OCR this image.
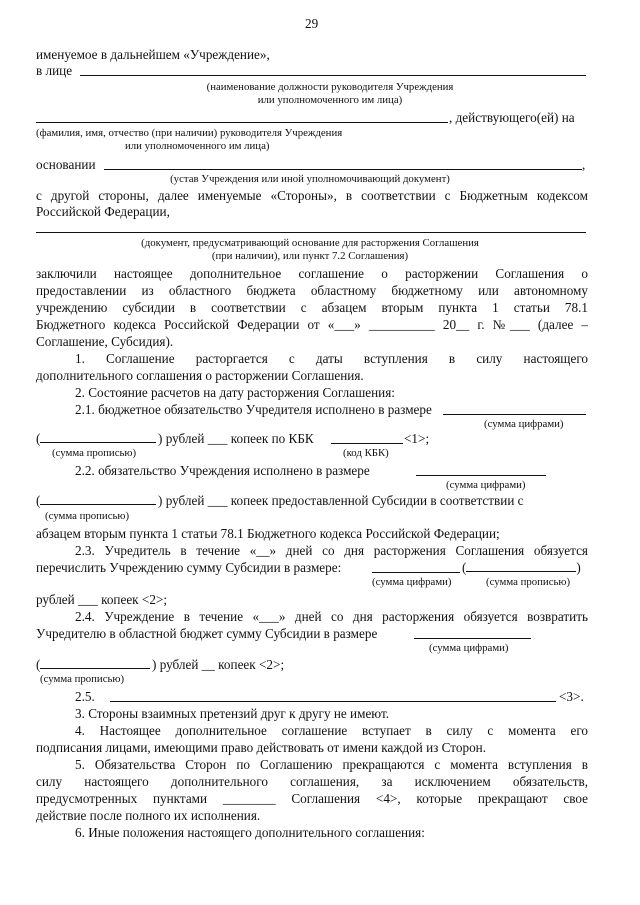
29
именуемое в дальнейшем «Учреждение»,
в лице
(наименование должности руководителя Учреждения
или уполномоченного им лица)
, действующего(ей) на
(фамилия, имя, отчество (при наличии) руководителя Учреждения
или уполномоченного им лица)
основании	,
(устав Учреждения или иной уполномочивающий документ)
с другой стороны, далее именуемые «Стороны», в соответствии с Бюджетным кодексом
Российской Федерации,
(документ, предусматривающий основание для расторжения Соглашения
(при наличии), или пункт 7.2 Соглашения)
заключили настоящее дополнительное соглашение о расторжении Соглашения о
предоставлении из областного бюджета областному бюджетному или автономному
учреждению субсидии в соответствии с абзацем вторым пункта 1 статьи 78.1
Бюджетного кодекса Российской Федерации от «___» __________ 20__ г. №___ (далее –
Соглашение, Субсидия).
1. Соглашение расторгается с даты вступления в силу настоящего
дополнительного соглашения о расторжении Соглашения.
2. Состояние расчетов на дату расторжения Соглашения:
2.1. бюджетное обязательство Учредителя исполнено в размере
(сумма цифрами)
(	) рублей ___ копеек по КБК	<1>;
(сумма прописью)	(код КБК)
2.2. обязательство Учреждения исполнено в размере
(сумма цифрами)
(	) рублей ___ копеек предоставленной Субсидии в соответствии с
(сумма прописью)
абзацем вторым пункта 1 статьи 78.1 Бюджетного кодекса Российской Федерации;
2.3. Учредитель в течение «__» дней со дня расторжения Соглашения обязуется
перечислить Учреждению сумму Субсидии в размере:	(	)
(сумма цифрами)	(сумма прописью)
рублей ___ копеек <2>;
2.4. Учреждение в течение «___» дней со дня расторжения обязуется возвратить
Учредителю в областной бюджет сумму Субсидии в размере
(сумма цифрами)
(	) рублей __ копеек <2>;
(сумма прописью)
2.5.	<3>.
3. Стороны взаимных претензий друг к другу не имеют.
4. Настоящее дополнительное соглашение вступает в силу с момента его
подписания лицами, имеющими право действовать от имени каждой из Сторон.
5. Обязательства Сторон по Соглашению прекращаются с момента вступления в
силу настоящего дополнительного соглашения, за исключением обязательств,
предусмотренных пунктами ________ Соглашения <4>, которые прекращают свое
действие после полного их исполнения.
6. Иные положения настоящего дополнительного соглашения:
